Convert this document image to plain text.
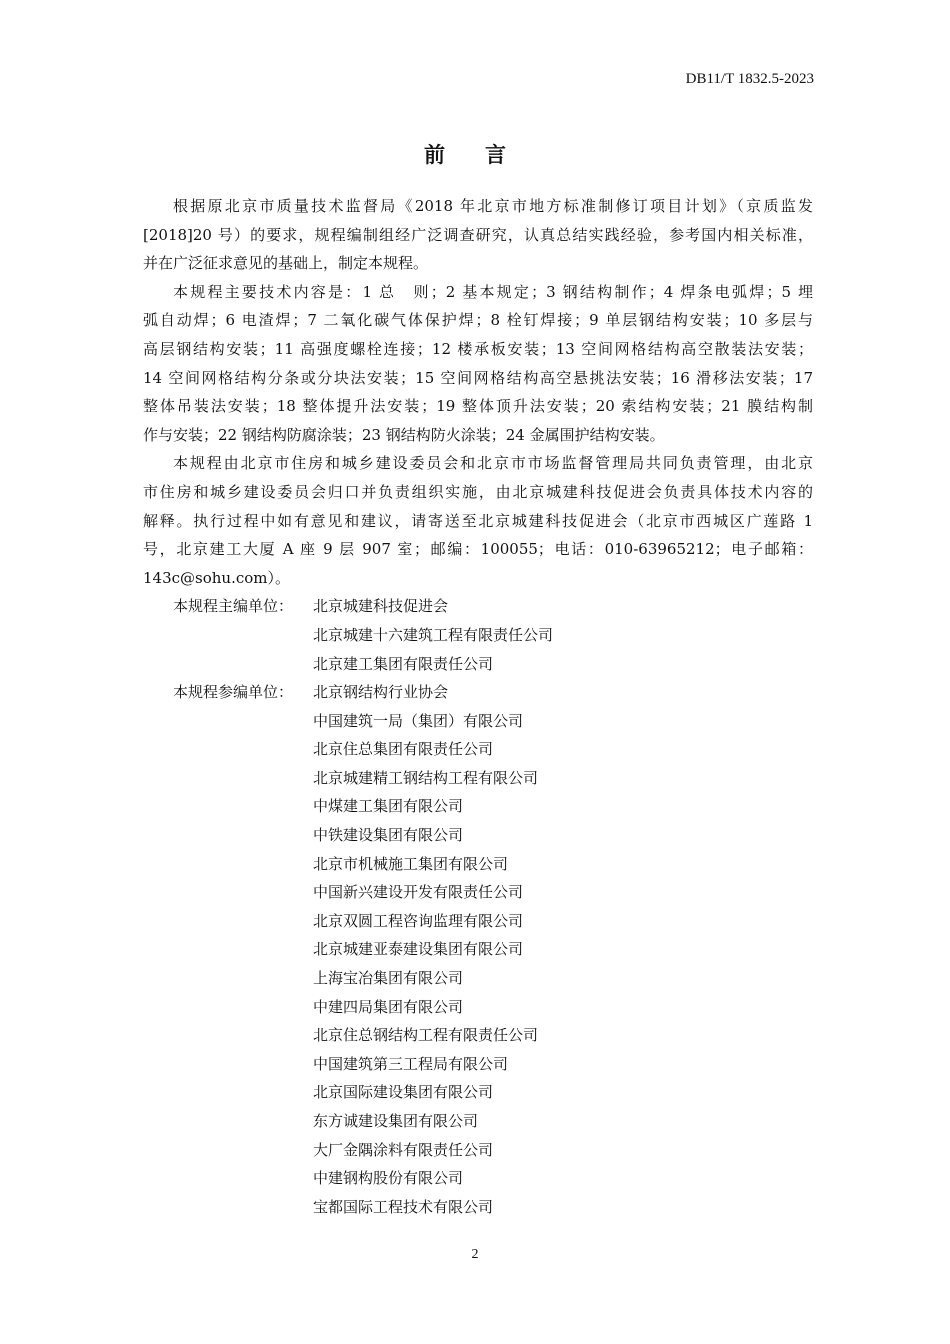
DB11/T 1832.5-2023
前言
根据原北京市质量技术监督局《2018 年北京市地方标准制修订项目计划》（京质监发
[2018]20 号）的要求，规程编制组经广泛调查研究，认真总结实践经验，参考国内相关标准，
并在广泛征求意见的基础上，制定本规程。
本规程主要技术内容是：1 总　则；2 基本规定；3 钢结构制作；4 焊条电弧焊；5 埋
弧自动焊；6 电渣焊；7 二氧化碳气体保护焊；8 栓钉焊接；9 单层钢结构安装；10 多层与
高层钢结构安装；11 高强度螺栓连接；12 楼承板安装；13 空间网格结构高空散装法安装；
14 空间网格结构分条或分块法安装；15 空间网格结构高空悬挑法安装；16 滑移法安装；17
整体吊装法安装；18 整体提升法安装；19 整体顶升法安装；20 索结构安装；21 膜结构制
作与安装；22 钢结构防腐涂装；23 钢结构防火涂装；24 金属围护结构安装。
本规程由北京市住房和城乡建设委员会和北京市市场监督管理局共同负责管理，由北京
市住房和城乡建设委员会归口并负责组织实施，由北京城建科技促进会负责具体技术内容的
解释。执行过程中如有意见和建议，请寄送至北京城建科技促进会（北京市西城区广莲路 1
号，北京建工大厦 A 座 9 层 907 室；邮编：100055；电话：010-63965212；电子邮箱：
143c@sohu.com）。
本规程主编单位：	北京城建科技促进会
北京城建十六建筑工程有限责任公司
北京建工集团有限责任公司
本规程参编单位：	北京钢结构行业协会
中国建筑一局（集团）有限公司
北京住总集团有限责任公司
北京城建精工钢结构工程有限公司
中煤建工集团有限公司
中铁建设集团有限公司
北京市机械施工集团有限公司
中国新兴建设开发有限责任公司
北京双圆工程咨询监理有限公司
北京城建亚泰建设集团有限公司
上海宝冶集团有限公司
中建四局集团有限公司
北京住总钢结构工程有限责任公司
中国建筑第三工程局有限公司
北京国际建设集团有限公司
东方诚建设集团有限公司
大厂金隅涂料有限责任公司
中建钢构股份有限公司
宝都国际工程技术有限公司
2
